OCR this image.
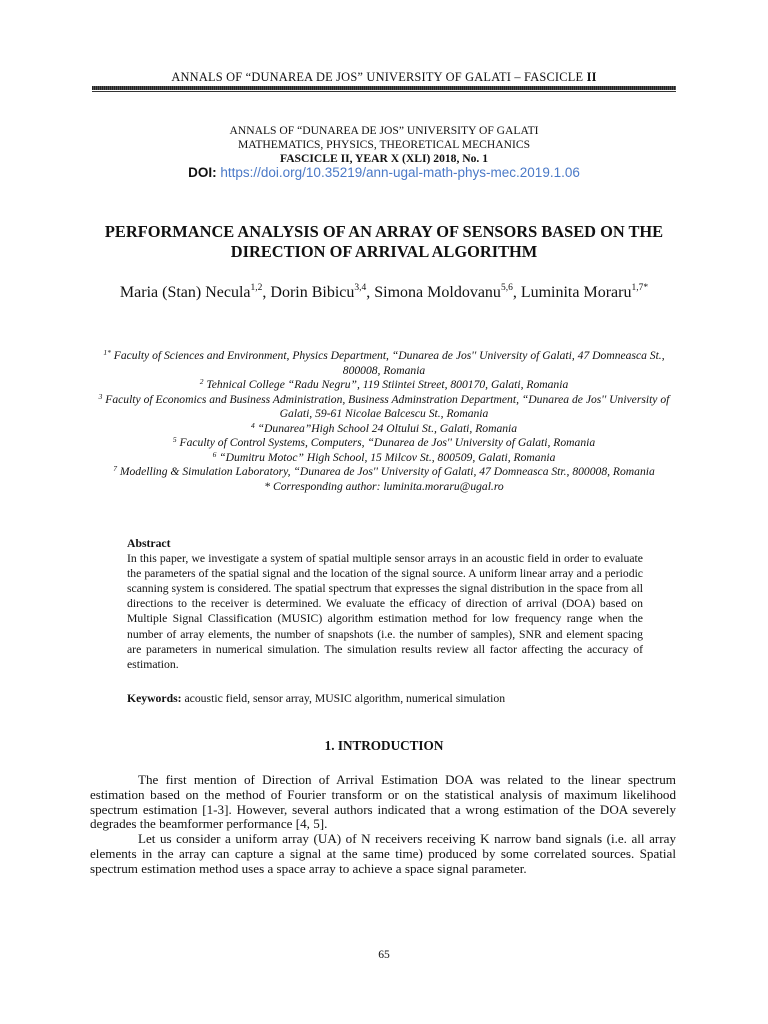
ANNALS OF “DUNAREA DE JOS” UNIVERSITY OF GALATI – FASCICLE II
ANNALS OF “DUNAREA DE JOS” UNIVERSITY OF GALATI
MATHEMATICS, PHYSICS, THEORETICAL MECHANICS
FASCICLE II, YEAR X (XLI) 2018, No. 1
DOI: https://doi.org/10.35219/ann-ugal-math-phys-mec.2019.1.06
PERFORMANCE ANALYSIS OF AN ARRAY OF SENSORS BASED ON THE DIRECTION OF ARRIVAL ALGORITHM
Maria (Stan) Necula$^{1,2}$, Dorin Bibicu$^{3,4}$, Simona Moldovanu$^{5,6}$, Luminita Moraru$^{1,7*}$
$^{1*}$ Faculty of Sciences and Environment, Physics Department, “Dunarea de Jos'' University of Galati, 47 Domneasca St., 800008, Romania
$^2$ Tehnical College “Radu Negru”, 119 Stiintei Street, 800170, Galati, Romania
$^3$ Faculty of Economics and Business Administration, Business Adminstration Department, “Dunarea de Jos'' University of Galati, 59-61 Nicolae Balcescu St., Romania
$^4$ “Dunarea”High School 24 Oltului St., Galati, Romania
$^5$ Faculty of Control Systems, Computers, “Dunarea de Jos'' University of Galati, Romania
$^6$ “Dumitru Motoc” High School, 15 Milcov St., 800509, Galati, Romania
$^7$ Modelling & Simulation Laboratory, “Dunarea de Jos'' University of Galati, 47 Domneasca Str., 800008, Romania
* Corresponding author: luminita.moraru@ugal.ro
Abstract
In this paper, we investigate a system of spatial multiple sensor arrays in an acoustic field in order to evaluate the parameters of the spatial signal and the location of the signal source. A uniform linear array and a periodic scanning system is considered. The spatial spectrum that expresses the signal distribution in the space from all directions to the receiver is determined. We evaluate the efficacy of direction of arrival (DOA) based on Multiple Signal Classification (MUSIC) algorithm estimation method for low frequency range when the number of array elements, the number of snapshots (i.e. the number of samples), SNR and element spacing are parameters in numerical simulation. The simulation results review all factor affecting the accuracy of estimation.
Keywords: acoustic field, sensor array, MUSIC algorithm, numerical simulation
1. INTRODUCTION

The first mention of Direction of Arrival Estimation DOA was related to the linear spectrum estimation based on the method of Fourier transform or on the statistical analysis of maximum likelihood spectrum estimation [1-3]. However, several authors indicated that a wrong estimation of the DOA severely degrades the beamformer performance [4, 5].

Let us consider a uniform array (UA) of N receivers receiving K narrow band signals (i.e. all array elements in the array can capture a signal at the same time) produced by some correlated sources. Spatial spectrum estimation method uses a space array to achieve a space signal parameter.

65
